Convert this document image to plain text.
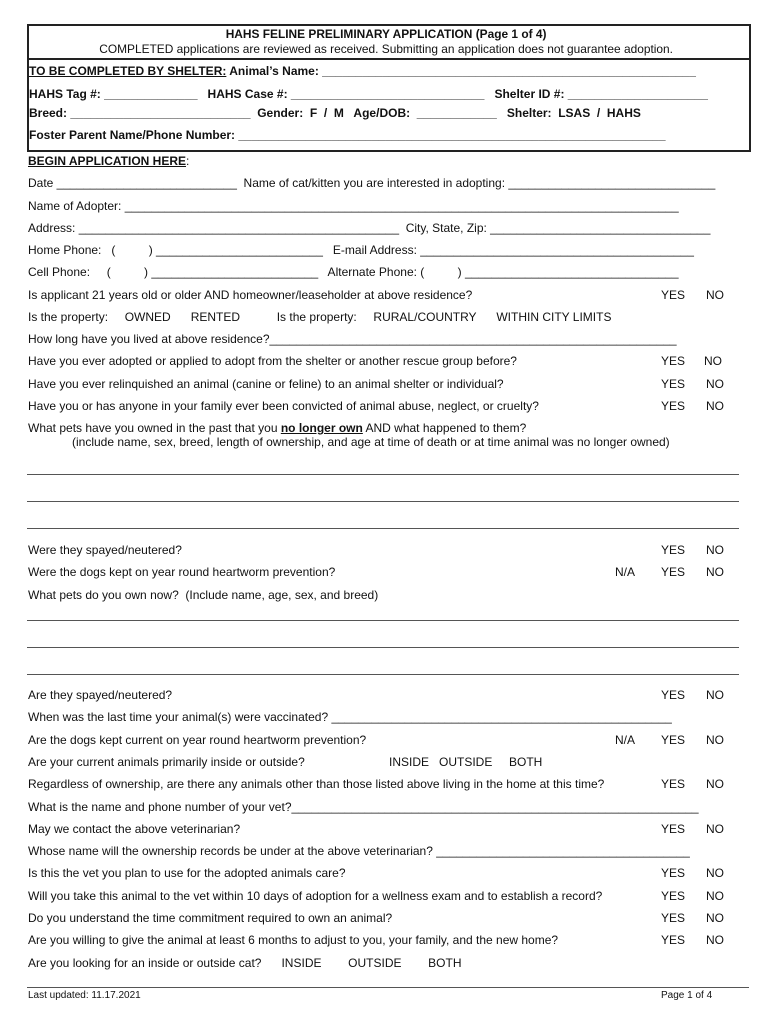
HAHS FELINE PRELIMINARY APPLICATION (Page 1 of 4)
COMPLETED applications are reviewed as received. Submitting an application does not guarantee adoption.
TO BE COMPLETED BY SHELTER: Animal’s Name: ________________________________________________________
HAHS Tag #: ______________   HAHS Case #: _____________________________   Shelter ID #: _____________________
Breed: ___________________________  Gender:  F  /  M   Age/DOB:  ____________   Shelter:  LSAS  /  HAHS
Foster Parent Name/Phone Number: ________________________________________________________________
BEGIN APPLICATION HERE:
Date ___________________________  Name of cat/kitten you are interested in adopting: _______________________________
Name of Adopter: ___________________________________________________________________________________
Address: ________________________________________________  City, State, Zip: _________________________________
Home Phone:   (          ) _________________________   E-mail Address: _________________________________________
Cell Phone:     (          ) _________________________   Alternate Phone: (          ) ________________________________
Is applicant 21 years old or older AND homeowner/leaseholder at above residence?	YES NO
Is the property:     OWNED      RENTED           Is the property:     RURAL/COUNTRY      WITHIN CITY LIMITS
How long have you lived at above residence?_____________________________________________________________
Have you ever adopted or applied to adopt from the shelter or another rescue group before?	YES NO
Have you ever relinquished an animal (canine or feline) to an animal shelter or individual?	YES NO
Have you or has anyone in your family ever been convicted of animal abuse, neglect, or cruelty?	YES NO
What pets have you owned in the past that you no longer own AND what happened to them?
(include name, sex, breed, length of ownership, and age at time of death or at time animal was no longer owned)
Were they spayed/neutered?	YES NO
Were the dogs kept on year round heartworm prevention?	N/A YES NO
What pets do you own now?  (Include name, age, sex, and breed)
Are they spayed/neutered?	YES NO
When was the last time your animal(s) were vaccinated? ___________________________________________________
Are the dogs kept current on year round heartworm prevention?	N/A YES NO
Are your current animals primarily inside or outside?	INSIDE   OUTSIDE     BOTH
Regardless of ownership, are there any animals other than those listed above living in the home at this time?	YES NO
What is the name and phone number of your vet?_____________________________________________________________
May we contact the above veterinarian?	YES NO
Whose name will the ownership records be under at the above veterinarian? ______________________________________
Is this the vet you plan to use for the adopted animals care?	YES NO
Will you take this animal to the vet within 10 days of adoption for a wellness exam and to establish a record?	YES NO
Do you understand the time commitment required to own an animal?	YES NO
Are you willing to give the animal at least 6 months to adjust to you, your family, and the new home?	YES NO
Are you looking for an inside or outside cat?      INSIDE        OUTSIDE        BOTH
Last updated: 11.17.2021	Page 1 of 4
